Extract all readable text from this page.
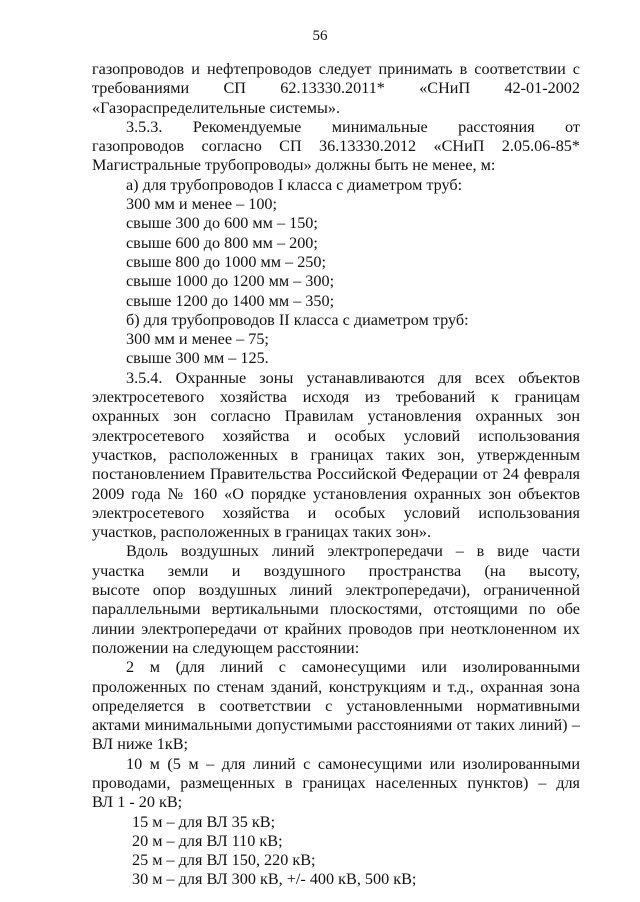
56
газопроводов и нефтепроводов следует принимать в соответствии с
требованиями СП 62.13330.2011* «СНиП 42-01-2002
«Газораспределительные системы».
3.5.3. Рекомендуемые минимальные расстояния от
газопроводов согласно СП 36.13330.2012 «СНиП 2.05.06-85*
Магистральные трубопроводы» должны быть не менее, м:
а) для трубопроводов I класса с диаметром труб:
300 мм и менее – 100;
свыше 300 до 600 мм – 150;
свыше 600 до 800 мм – 200;
свыше 800 до 1000 мм – 250;
свыше 1000 до 1200 мм – 300;
свыше 1200 до 1400 мм – 350;
б) для трубопроводов II класса с диаметром труб:
300 мм и менее – 75;
свыше 300 мм – 125.
3.5.4. Охранные зоны устанавливаются для всех объектов
электросетевого хозяйства исходя из требований к границам
охранных зон согласно Правилам установления охранных зон
электросетевого хозяйства и особых условий использования
участков, расположенных в границах таких зон, утвержденным
постановлением Правительства Российской Федерации от 24 февраля
2009 года № 160 «О порядке установления охранных зон объектов
электросетевого хозяйства и особых условий использования
участков, расположенных в границах таких зон».
Вдоль воздушных линий электропередачи – в виде части
участка земли и воздушного пространства (на высоту,
высоте опор воздушных линий электропередачи), ограниченной
параллельными вертикальными плоскостями, отстоящими по обе
линии электропередачи от крайних проводов при неотклоненном их
положении на следующем расстоянии:
2 м (для линий с самонесущими или изолированными
проложенных по стенам зданий, конструкциям и т.д., охранная зона
определяется в соответствии с установленными нормативными
актами минимальными допустимыми расстояниями от таких линий) –
ВЛ ниже 1кВ;
10 м (5 м – для линий с самонесущими или изолированными
проводами, размещенных в границах населенных пунктов) – для
ВЛ 1 - 20 кВ;
15 м – для ВЛ 35 кВ;
20 м – для ВЛ 110 кВ;
25 м – для ВЛ 150, 220 кВ;
30 м – для ВЛ 300 кВ, +/- 400 кВ, 500 кВ;
